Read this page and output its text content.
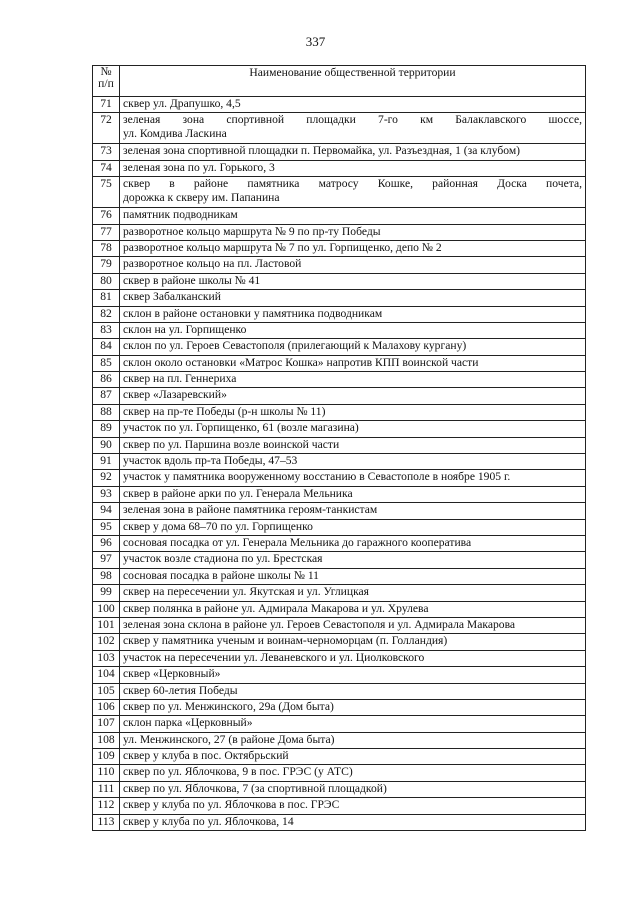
337
№
п/п	Наименование общественной территории
71	сквер ул. Драпушко, 4,5
72	зеленая зона спортивной площадки 7-го км Балаклавского шоссе,
ул. Комдива Ласкина
73	зеленая зона спортивной площадки п. Первомайка, ул. Разъездная, 1 (за клубом)
74	зеленая зона по ул. Горького, 3
75	сквер в районе памятника матросу Кошке, районная Доска почета,
дорожка к скверу им. Папанина
76	памятник подводникам
77	разворотное кольцо маршрута № 9 по пр-ту Победы
78	разворотное кольцо маршрута № 7 по ул. Горпищенко, депо № 2
79	разворотное кольцо на пл. Ластовой
80	сквер в районе школы № 41
81	сквер Забалканский
82	склон в районе остановки у памятника подводникам
83	склон на ул. Горпищенко
84	склон по ул. Героев Севастополя (прилегающий к Малахову кургану)
85	склон около остановки «Матрос Кошка» напротив КПП воинской части
86	сквер на пл. Геннериха
87	сквер «Лазаревский»
88	сквер на пр-те Победы (р-н школы № 11)
89	участок по ул. Горпищенко, 61 (возле магазина)
90	сквер по ул. Паршина возле воинской части
91	участок вдоль пр-та Победы, 47–53
92	участок у памятника вооруженному восстанию в Севастополе в ноябре 1905 г.
93	сквер в районе арки по ул. Генерала Мельника
94	зеленая зона в районе памятника героям-танкистам
95	сквер у дома 68–70 по ул. Горпищенко
96	сосновая посадка от ул. Генерала Мельника до гаражного кооператива
97	участок возле стадиона по ул. Брестская
98	сосновая посадка в районе школы № 11
99	сквер на пересечении ул. Якутская и ул. Углицкая
100	сквер полянка в районе ул. Адмирала Макарова и ул. Хрулева
101	зеленая зона склона в районе ул. Героев Севастополя и ул. Адмирала Макарова
102	сквер у памятника ученым и воинам-черноморцам (п. Голландия)
103	участок на пересечении ул. Леваневского и ул. Циолковского
104	сквер «Церковный»
105	сквер 60-летия Победы
106	сквер по ул. Менжинского, 29а (Дом быта)
107	склон парка «Церковный»
108	ул. Менжинского, 27 (в районе Дома быта)
109	сквер у клуба в пос. Октябрьский
110	сквер по ул. Яблочкова, 9 в пос. ГРЭС (у АТС)
111	сквер по ул. Яблочкова, 7 (за спортивной площадкой)
112	сквер у клуба по ул. Яблочкова в пос. ГРЭС
113	сквер у клуба по ул. Яблочкова, 14
